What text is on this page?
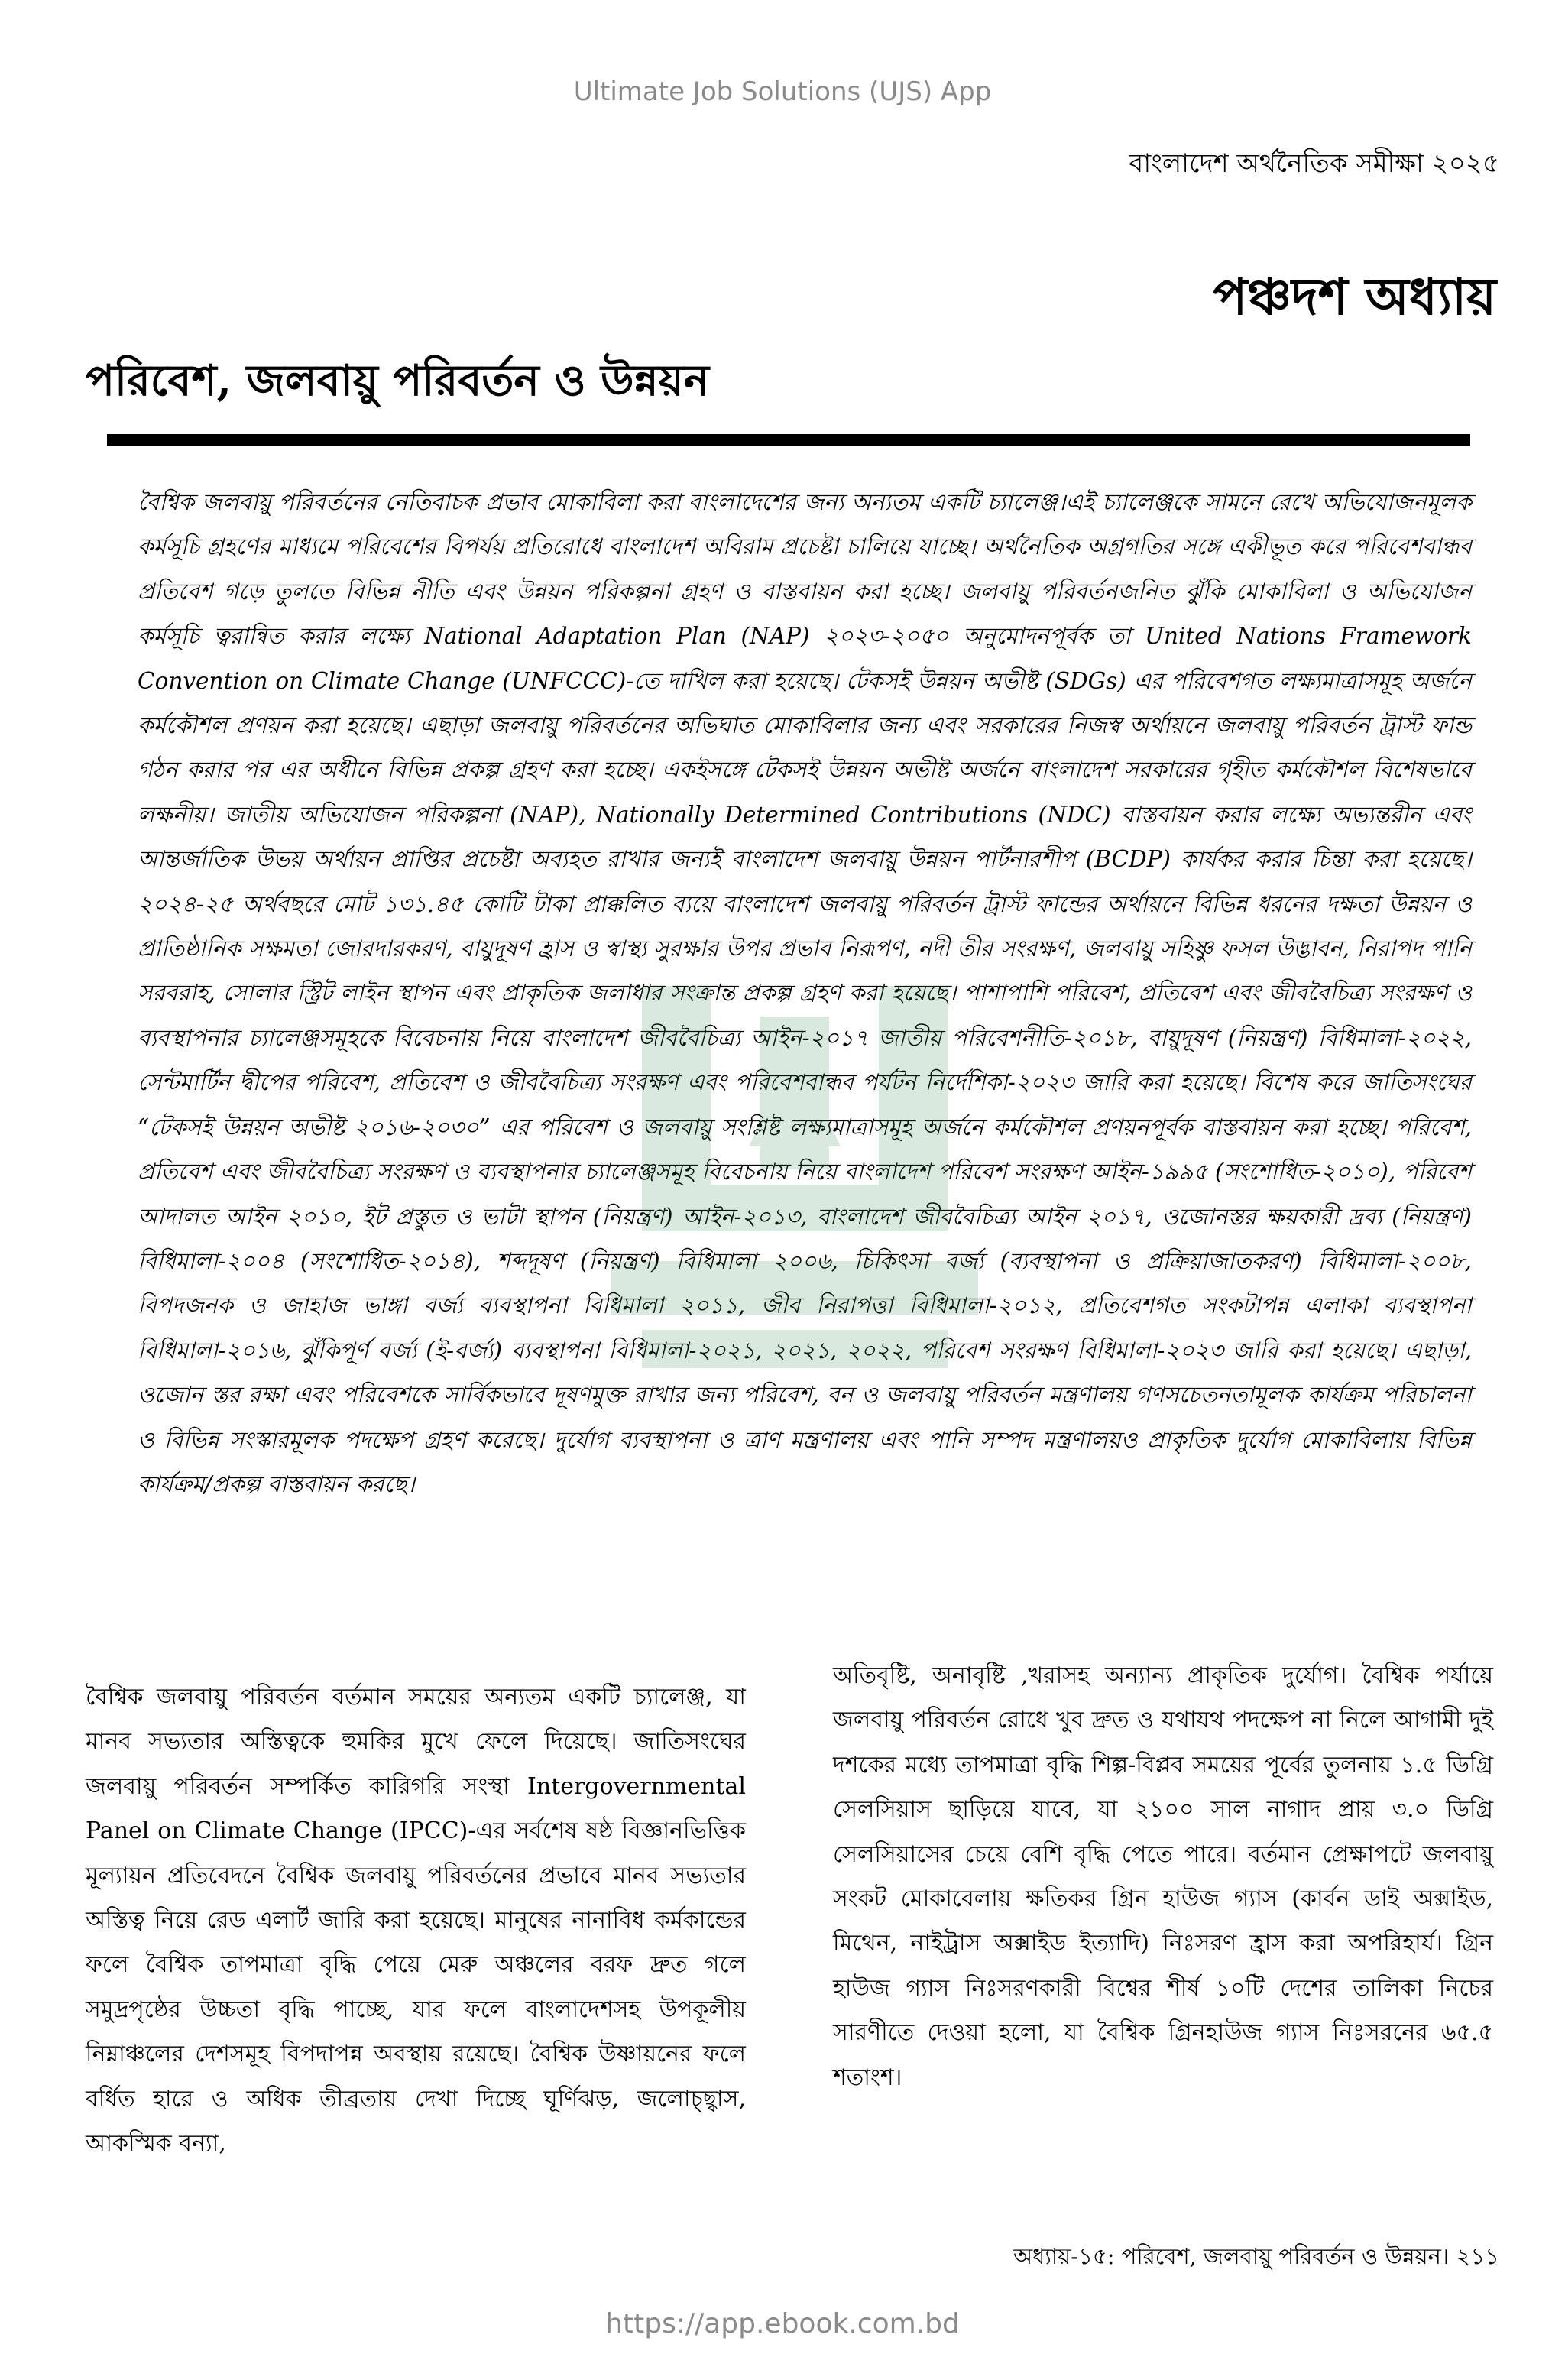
Ultimate Job Solutions (UJS) App
বাংলাদেশ অর্থনৈতিক সমীক্ষা ২০২৫
পঞ্চদশ অধ্যায়
পরিবেশ, জলবায়ু পরিবর্তন ও উন্নয়ন

বৈশ্বিক জলবায়ু পরিবর্তনের নেতিবাচক প্রভাব মোকাবিলা করা বাংলাদেশের জন্য অন্যতম একটি চ্যালেঞ্জ।এই চ্যালেঞ্জকে সামনে রেখে অভিযোজনমূলক কর্মসূচি গ্রহণের মাধ্যমে পরিবেশের বিপর্যয় প্রতিরোধে বাংলাদেশ অবিরাম প্রচেষ্টা চালিয়ে যাচ্ছে। অর্থনৈতিক অগ্রগতির সঙ্গে একীভূত করে পরিবেশবান্ধব প্রতিবেশ গড়ে তুলতে বিভিন্ন নীতি এবং উন্নয়ন পরিকল্পনা গ্রহণ ও বাস্তবায়ন করা হচ্ছে। জলবায়ু পরিবর্তনজনিত ঝুঁকি মোকাবিলা ও অভিযোজন কর্মসূচি ত্বরান্বিত করার লক্ষ্যে National Adaptation Plan (NAP) ২০২৩-২০৫০ অনুমোদনপূর্বক তা United Nations Framework Convention on Climate Change (UNFCCC)-তে দাখিল করা হয়েছে। টেকসই উন্নয়ন অভীষ্ট (SDGs) এর পরিবেশগত লক্ষ্যমাত্রাসমূহ অর্জনে কর্মকৌশল প্রণয়ন করা হয়েছে। এছাড়া জলবায়ু পরিবর্তনের অভিঘাত মোকাবিলার জন্য এবং সরকারের নিজস্ব অর্থায়নে জলবায়ু পরিবর্তন ট্রাস্ট ফান্ড গঠন করার পর এর অধীনে বিভিন্ন প্রকল্প গ্রহণ করা হচ্ছে। একইসঙ্গে টেকসই উন্নয়ন অভীষ্ট অর্জনে বাংলাদেশ সরকারের গৃহীত কর্মকৌশল বিশেষভাবে লক্ষনীয়। জাতীয় অভিযোজন পরিকল্পনা (NAP), Nationally Determined Contributions (NDC) বাস্তবায়ন করার লক্ষ্যে অভ্যন্তরীন এবং আন্তর্জাতিক উভয় অর্থায়ন প্রাপ্তির প্রচেষ্টা অব্যহত রাখার জন্যই বাংলাদেশ জলবায়ু উন্নয়ন পার্টনারশীপ (BCDP) কার্যকর করার চিন্তা করা হয়েছে। ২০২৪-২৫ অর্থবছরে মোট ১৩১.৪৫ কোটি টাকা প্রাক্কলিত ব্যয়ে বাংলাদেশ জলবায়ু পরিবর্তন ট্রাস্ট ফান্ডের অর্থায়নে বিভিন্ন ধরনের দক্ষতা উন্নয়ন ও প্রাতিষ্ঠানিক সক্ষমতা জোরদারকরণ, বায়ুদূষণ হ্রাস ও স্বাস্থ্য সুরক্ষার উপর প্রভাব নিরূপণ, নদী তীর সংরক্ষণ, জলবায়ু সহিষ্ণু ফসল উদ্ভাবন, নিরাপদ পানি সরবরাহ, সোলার স্ট্রিট লাইন স্থাপন এবং প্রাকৃতিক জলাধার সংক্রান্ত প্রকল্প গ্রহণ করা হয়েছে। পাশাপাশি পরিবেশ, প্রতিবেশ এবং জীববৈচিত্র্য সংরক্ষণ ও ব্যবস্থাপনার চ্যালেঞ্জসমূহকে বিবেচনায় নিয়ে বাংলাদেশ জীববৈচিত্র্য আইন-২০১৭ জাতীয় পরিবেশনীতি-২০১৮, বায়ুদূষণ (নিয়ন্ত্রণ) বিধিমালা-২০২২, সেন্টমার্টিন দ্বীপের পরিবেশ, প্রতিবেশ ও জীববৈচিত্র্য সংরক্ষণ এবং পরিবেশবান্ধব পর্যটন নির্দেশিকা-২০২৩ জারি করা হয়েছে। বিশেষ করে জাতিসংঘের “টেকসই উন্নয়ন অভীষ্ট ২০১৬-২০৩০” এর পরিবেশ ও জলবায়ু সংশ্লিষ্ট লক্ষ্যমাত্রাসমূহ অর্জনে কর্মকৌশল প্রণয়নপূর্বক বাস্তবায়ন করা হচ্ছে। পরিবেশ, প্রতিবেশ এবং জীববৈচিত্র্য সংরক্ষণ ও ব্যবস্থাপনার চ্যালেঞ্জসমূহ বিবেচনায় নিয়ে বাংলাদেশ পরিবেশ সংরক্ষণ আইন-১৯৯৫ (সংশোধিত-২০১০), পরিবেশ আদালত আইন ২০১০, ইট প্রস্তুত ও ভাটা স্থাপন (নিয়ন্ত্রণ) আইন-২০১৩, বাংলাদেশ জীববৈচিত্র্য আইন ২০১৭, ওজোনস্তর ক্ষয়কারী দ্রব্য (নিয়ন্ত্রণ) বিধিমালা-২০০৪ (সংশোধিত-২০১৪), শব্দদূষণ (নিয়ন্ত্রণ) বিধিমালা ২০০৬, চিকিৎসা বর্জ্য (ব্যবস্থাপনা ও প্রক্রিয়াজাতকরণ) বিধিমালা-২০০৮, বিপদজনক ও জাহাজ ভাঙ্গা বর্জ্য ব্যবস্থাপনা বিধিমালা ২০১১, জীব নিরাপত্তা বিধিমালা-২০১২, প্রতিবেশগত সংকটাপন্ন এলাকা ব্যবস্থাপনা বিধিমালা-২০১৬, ঝুঁকিপূর্ণ বর্জ্য (ই-বর্জ্য) ব্যবস্থাপনা বিধিমালা-২০২১, ২০২১, ২০২২, পরিবেশ সংরক্ষণ বিধিমালা-২০২৩ জারি করা হয়েছে। এছাড়া, ওজোন স্তর রক্ষা এবং পরিবেশকে সার্বিকভাবে দূষণমুক্ত রাখার জন্য পরিবেশ, বন ও জলবায়ু পরিবর্তন মন্ত্রণালয় গণসচেতনতামূলক কার্যক্রম পরিচালনা ও বিভিন্ন সংস্কারমূলক পদক্ষেপ গ্রহণ করেছে। দুর্যোগ ব্যবস্থাপনা ও ত্রাণ মন্ত্রণালয় এবং পানি সম্পদ মন্ত্রণালয়ও প্রাকৃতিক দুর্যোগ মোকাবিলায় বিভিন্ন কার্যক্রম/প্রকল্প বাস্তবায়ন করছে।

বৈশ্বিক জলবায়ু পরিবর্তন বর্তমান সময়ের অন্যতম একটি চ্যালেঞ্জ, যা মানব সভ্যতার অস্তিত্বকে হুমকির মুখে ফেলে দিয়েছে। জাতিসংঘের জলবায়ু পরিবর্তন সম্পর্কিত কারিগরি সংস্থা Intergovernmental Panel on Climate Change (IPCC)-এর সর্বশেষ ষষ্ঠ বিজ্ঞানভিত্তিক মূল্যায়ন প্রতিবেদনে বৈশ্বিক জলবায়ু পরিবর্তনের প্রভাবে মানব সভ্যতার অস্তিত্ব নিয়ে রেড এলার্ট জারি করা হয়েছে। মানুষের নানাবিধ কর্মকান্ডের ফলে বৈশ্বিক তাপমাত্রা বৃদ্ধি পেয়ে মেরু অঞ্চলের বরফ দ্রুত গলে সমুদ্রপৃষ্ঠের উচ্চতা বৃদ্ধি পাচ্ছে, যার ফলে বাংলাদেশসহ উপকূলীয় নিম্নাঞ্চলের দেশসমূহ বিপদাপন্ন অবস্থায় রয়েছে। বৈশ্বিক উষ্ণায়নের ফলে বর্ধিত হারে ও অধিক তীব্রতায় দেখা দিচ্ছে ঘূর্ণিঝড়, জলোচ্ছ্বাস, আকস্মিক বন্যা,

অতিবৃষ্টি, অনাবৃষ্টি ,খরাসহ অন্যান্য প্রাকৃতিক দুর্যোগ। বৈশ্বিক পর্যায়ে জলবায়ু পরিবর্তন রোধে খুব দ্রুত ও যথাযথ পদক্ষেপ না নিলে আগামী দুই দশকের মধ্যে তাপমাত্রা বৃদ্ধি শিল্প-বিপ্লব সময়ের পূর্বের তুলনায় ১.৫ ডিগ্রি সেলসিয়াস ছাড়িয়ে যাবে, যা ২১০০ সাল নাগাদ প্রায় ৩.০ ডিগ্রি সেলসিয়াসের চেয়ে বেশি বৃদ্ধি পেতে পারে। বর্তমান প্রেক্ষাপটে জলবায়ু সংকট মোকাবেলায় ক্ষতিকর গ্রিন হাউজ গ্যাস (কার্বন ডাই অক্সাইড, মিথেন, নাইট্রাস অক্সাইড ইত্যাদি) নিঃসরণ হ্রাস করা অপরিহার্য। গ্রিন হাউজ গ্যাস নিঃসরণকারী বিশ্বের শীর্ষ ১০টি দেশের তালিকা নিচের সারণীতে দেওয়া হলো, যা বৈশ্বিক গ্রিনহাউজ গ্যাস নিঃসরনের ৬৫.৫ শতাংশ।

অধ্যায়-১৫: পরিবেশ, জলবায়ু পরিবর্তন ও উন্নয়ন। ২১১
https://app.ebook.com.bd
